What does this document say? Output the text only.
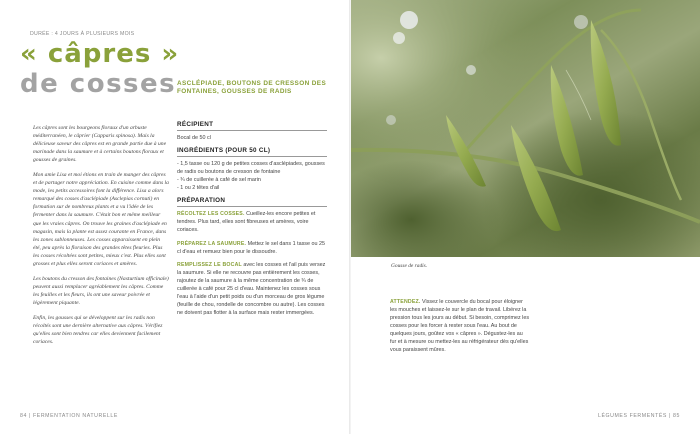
DURÉE : 4 JOURS À PLUSIEURS MOIS
« câpres »
de cosses ASCLÉPIADE, BOUTONS DE CRESSON DES FONTAINES, GOUSSES DE RADIS

Les câpres sont les bourgeons floraux d'un arbuste méditerranéen, le câprier (Capparis spinosa). Mais la délicieuse saveur des câpres est en grande partie due à une marinade dans la saumure et à certains boutons floraux et gousses de graines.

Mon amie Lisa et moi étions en train de manger des câpres et de partager notre appréciation. En cuisine comme dans la mode, les petits accessoires font la différence. Lisa a alors remarqué des cosses d'asclépiade (Asclepias cornuti) en formation sur de nombreux plants et a vu l'idée de les fermenter dans la saumure. C'était bon et même meilleur que les vraies câpres. On trouve les graines d'asclépiade en magasin, mais la plante est assez courante en France, dans les zones sablonneuses. Les cosses apparaissent en plein été, peu après la floraison des grandes têtes fleuries. Plus les cosses récoltées sont petites, mieux c'est. Plus elles sont grosses et plus elles seront coriaces et amères.

Les boutons du cresson des fontaines (Nasturtium officinale) peuvent aussi remplacer agréablement les câpres. Comme les feuilles et les fleurs, ils ont une saveur poivrée et légèrement piquante.

Enfin, les gousses qui se développent sur les radis non récoltés sont une dernière alternative aux câpres. Vérifiez qu'elles sont bien tendres car elles deviennent facilement coriaces.

RÉCIPIENT
Bocal de 50 cl
INGRÉDIENTS (POUR 50 CL)
- 1,5 tasse ou 120 g de petites cosses d'asclépiades, gousses de radis ou boutons de cresson de fontaine
- ¾ de cuillerée à café de sel marin
- 1 ou 2 têtes d'ail
PRÉPARATION
RÉCOLTEZ LES COSSES. Cueillez-les encore petites et tendres. Plus tard, elles sont fibreuses et amères, voire coriaces.
PRÉPAREZ LA SAUMURE. Mettez le sel dans 1 tasse ou 25 cl d'eau et remuez bien pour le dissoudre.
REMPLISSEZ LE BOCAL avec les cosses et l'ail puis versez la saumure. Si elle ne recouvre pas entièrement les cosses, rajoutez de la saumure à la même concentration de ¾ de cuillerée à café pour 25 cl d'eau. Maintenez les cosses sous l'eau à l'aide d'un petit poids ou d'un morceau de gros légume (feuille de chou, rondelle de concombre ou autre). Les cosses ne doivent pas flotter à la surface mais rester immergées.
84 | FERMENTATION NATURELLE
Gousse de radis.
ATTENDEZ. Vissez le couvercle du bocal pour éloigner les mouches et laissez-le sur le plan de travail. Libérez la pression tous les jours au début. Si besoin, comprimez les cosses pour les forcer à rester sous l'eau. Au bout de quelques jours, goûtez vos « câpres ». Dégustez-les au fur et à mesure ou mettez-les au réfrigérateur dès qu'elles vous paraissent mûres.
LÉGUMES FERMENTÉS | 85
